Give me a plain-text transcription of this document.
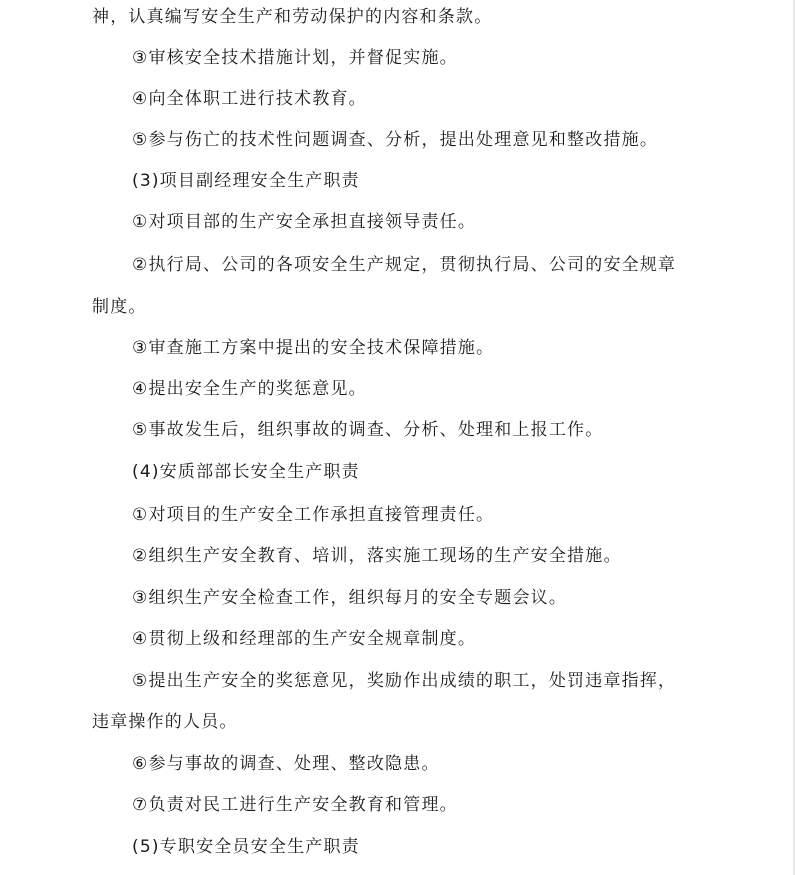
神，认真编写安全生产和劳动保护的内容和条款。
③审核安全技术措施计划，并督促实施。
④向全体职工进行技术教育。
⑤参与伤亡的技术性问题调查、分析，提出处理意见和整改措施。
(3)项目副经理安全生产职责
①对项目部的生产安全承担直接领导责任。
②执行局、公司的各项安全生产规定，贯彻执行局、公司的安全规章
制度。
③审查施工方案中提出的安全技术保障措施。
④提出安全生产的奖惩意见。
⑤事故发生后，组织事故的调查、分析、处理和上报工作。
(4)安质部部长安全生产职责
①对项目的生产安全工作承担直接管理责任。
②组织生产安全教育、培训，落实施工现场的生产安全措施。
③组织生产安全检查工作，组织每月的安全专题会议。
④贯彻上级和经理部的生产安全规章制度。
⑤提出生产安全的奖惩意见，奖励作出成绩的职工，处罚违章指挥，
违章操作的人员。
⑥参与事故的调查、处理、整改隐患。
⑦负责对民工进行生产安全教育和管理。
(5)专职安全员安全生产职责
